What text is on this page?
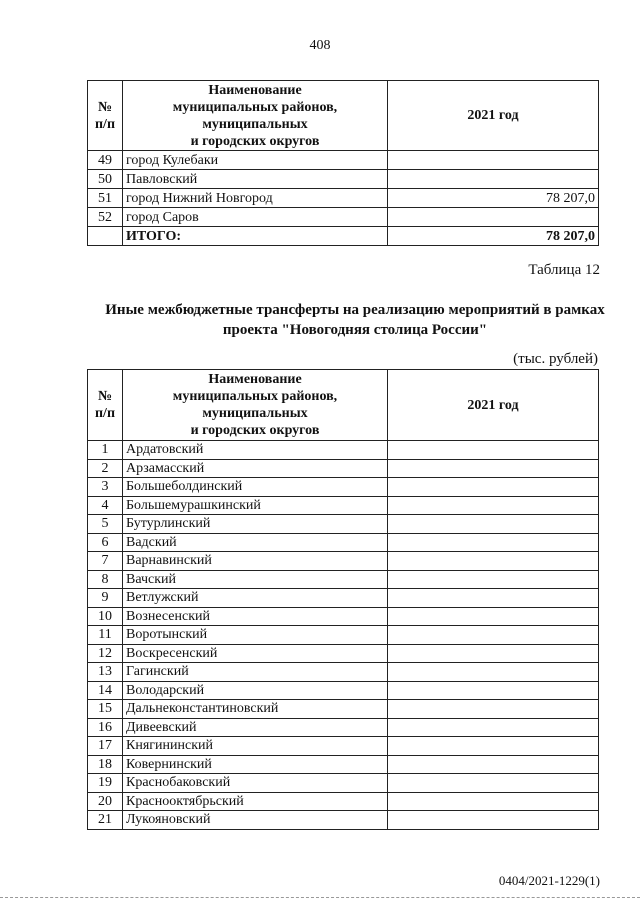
408
№
п/п	Наименование
муниципальных районов,
муниципальных
и городских округов	2021 год
49	город Кулебаки	
50	Павловский	
51	город Нижний Новгород	78 207,0
52	город Саров	
	ИТОГО:	78 207,0
Таблица 12
Иные межбюджетные трансферты на реализацию мероприятий в рамках проекта "Новогодняя столица России"
(тыс. рублей)
№
п/п	Наименование
муниципальных районов,
муниципальных
и городских округов	2021 год
1	Ардатовский	
2	Арзамасский	
3	Большеболдинский	
4	Большемурашкинский	
5	Бутурлинский	
6	Вадский	
7	Варнавинский	
8	Вачский	
9	Ветлужский	
10	Вознесенский	
11	Воротынский	
12	Воскресенский	
13	Гагинский	
14	Володарский	
15	Дальнеконстантиновский	
16	Дивеевский	
17	Княгининский	
18	Ковернинский	
19	Краснобаковский	
20	Краснооктябрьский	
21	Лукояновский	
0404/2021-1229(1)
